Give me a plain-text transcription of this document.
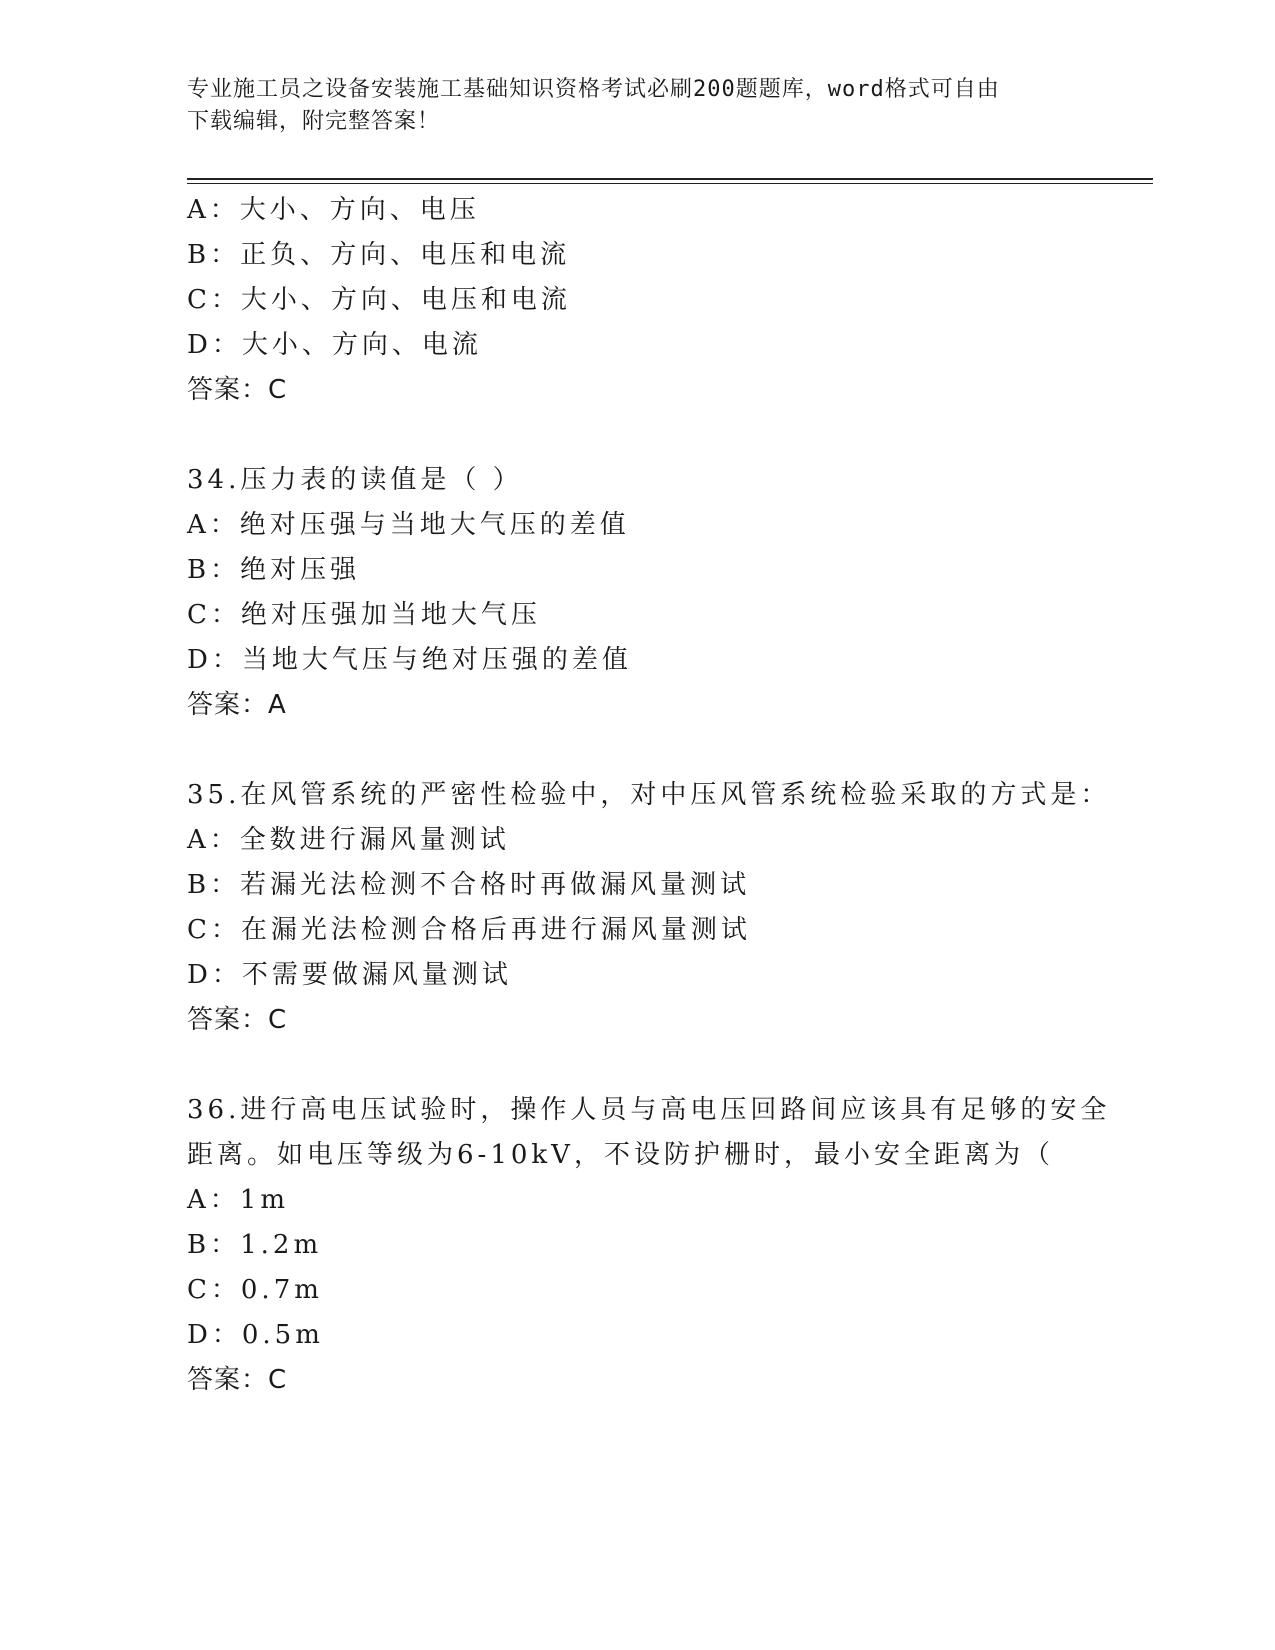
专业施工员之设备安装施工基础知识资格考试必刷200题题库，word格式可自由
下载编辑，附完整答案！
A：大小、方向、电压
B：正负、方向、电压和电流
C：大小、方向、电压和电流
D：大小、方向、电流
答案：C
34.压力表的读值是（ ）
A：绝对压强与当地大气压的差值
B：绝对压强
C：绝对压强加当地大气压
D：当地大气压与绝对压强的差值
答案：A
35.在风管系统的严密性检验中，对中压风管系统检验采取的方式是：
A：全数进行漏风量测试
B：若漏光法检测不合格时再做漏风量测试
C：在漏光法检测合格后再进行漏风量测试
D：不需要做漏风量测试
答案：C
36.进行高电压试验时，操作人员与高电压回路间应该具有足够的安全
距离。如电压等级为6-10kV，不设防护栅时，最小安全距离为（
A：1m
B：1.2m
C：0.7m
D：0.5m
答案：C
